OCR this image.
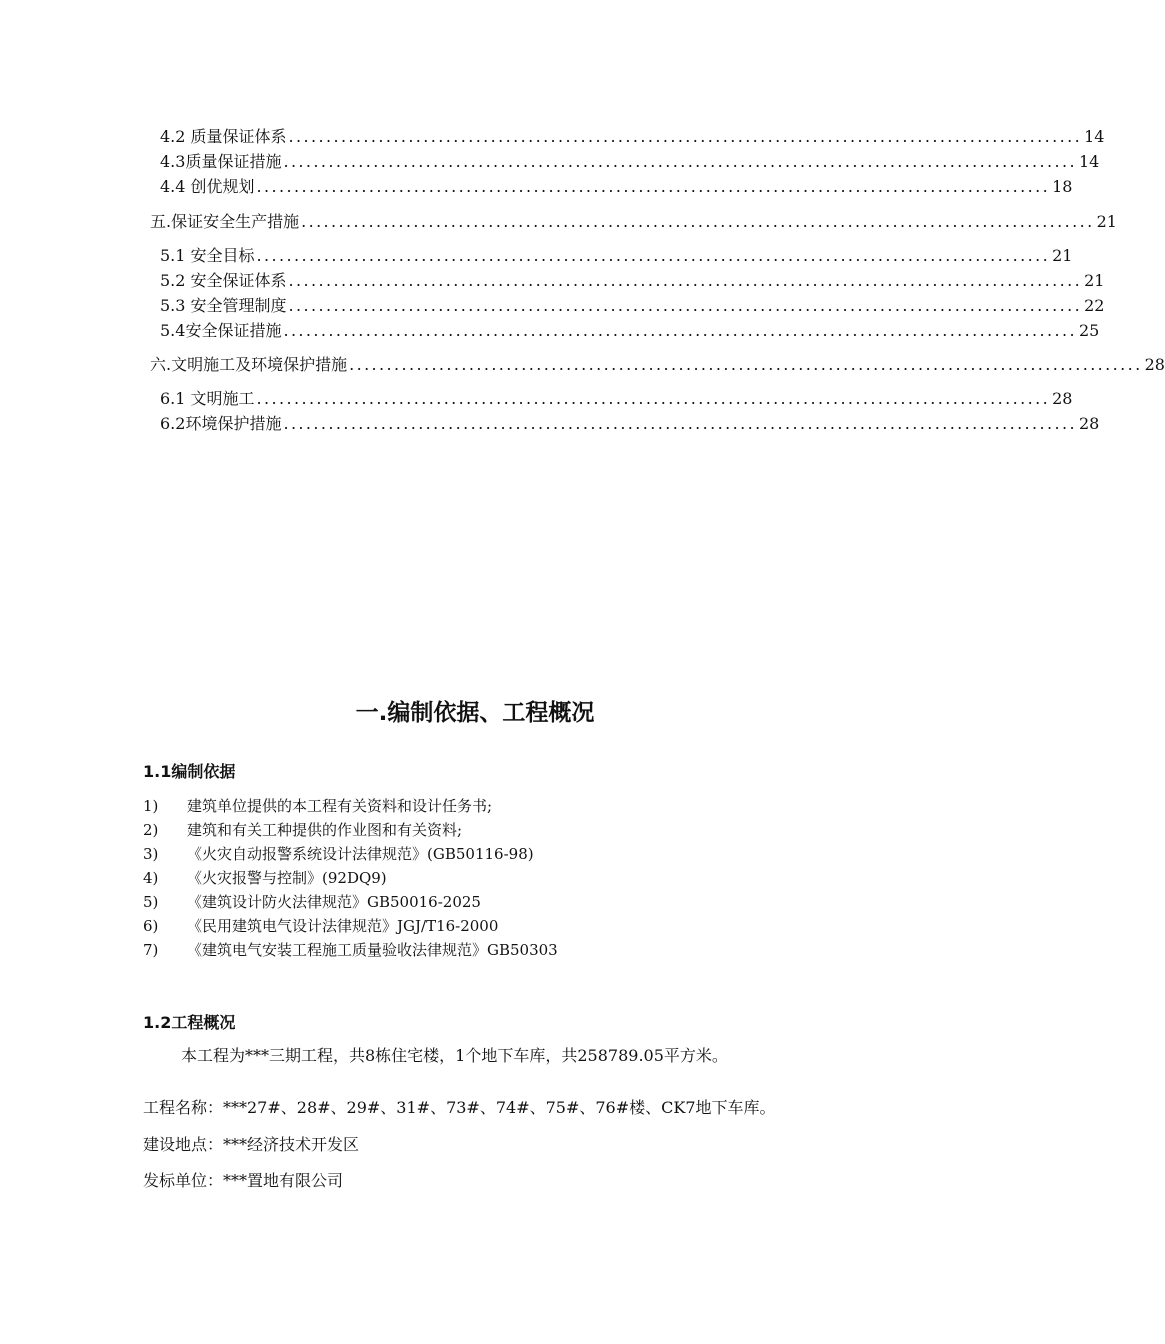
4.2 质量保证体系 .......................................................................................................... 14
4.3质量保证措施 .......................................................................................................... 14
4.4 创优规划 .......................................................................................................... 18
五.保证安全生产措施 .......................................................................................................... 21
5.1 安全目标 .......................................................................................................... 21
5.2 安全保证体系 .......................................................................................................... 21
5.3 安全管理制度 .......................................................................................................... 22
5.4安全保证措施 .......................................................................................................... 25
六.文明施工及环境保护措施 .......................................................................................................... 28
6.1 文明施工 .......................................................................................................... 28
6.2环境保护措施 .......................................................................................................... 28
一.编制依据、工程概况
1.1编制依据
1) 建筑单位提供的本工程有关资料和设计任务书;
2) 建筑和有关工种提供的作业图和有关资料;
3) 《火灾自动报警系统设计法律规范》(GB50116-98)
4) 《火灾报警与控制》(92DQ9)
5) 《建筑设计防火法律规范》GB50016-2025
6) 《民用建筑电气设计法律规范》JGJ/T16-2000
7) 《建筑电气安装工程施工质量验收法律规范》GB50303
1.2工程概况
本工程为***三期工程，共8栋住宅楼，1个地下车库，共258789.05平方米。
工程名称：***27#、28#、29#、31#、73#、74#、75#、76#楼、CK7地下车库。
建设地点：***经济技术开发区
发标单位：***置地有限公司
